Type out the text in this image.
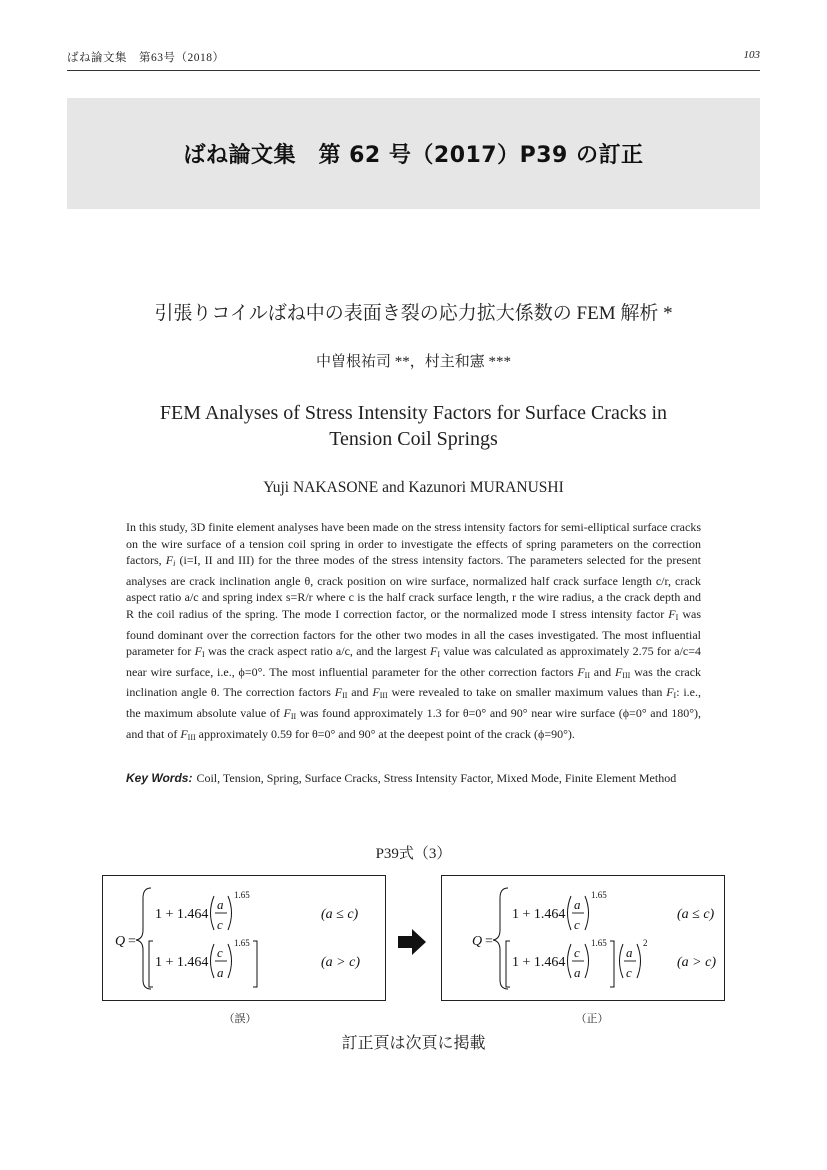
ばね論文集　第63号（2018）	103
ばね論文集　第 62 号（2017）P39 の訂正
引張りコイルばね中の表面き裂の応力拡大係数の FEM 解析 *
中曽根祐司 **，村主和憲 ***
FEM Analyses of Stress Intensity Factors for Surface Cracks in
Tension Coil Springs
Yuji NAKASONE and Kazunori MURANUSHI
In this study, 3D finite element analyses have been made on the stress intensity factors for semi-elliptical surface cracks on the wire surface of a tension coil spring in order to investigate the effects of spring parameters on the correction factors, $F_i$ (i=I, II and III) for the three modes of the stress intensity factors. The parameters selected for the present analyses are crack inclination angle θ, crack position on wire surface, normalized half crack surface length c/r, crack aspect ratio a/c and spring index s=R/r where c is the half crack surface length, r the wire radius, a the crack depth and R the coil radius of the spring. The mode I correction factor, or the normalized mode I stress intensity factor $F_I$ was found dominant over the correction factors for the other two modes in all the cases investigated. The most influential parameter for $F_I$ was the crack aspect ratio a/c, and the largest $F_I$ value was calculated as approximately 2.75 for a/c=4 near wire surface, i.e., ϕ=0°. The most influential parameter for the other correction factors $F_{II}$ and $F_{III}$ was the crack inclination angle θ. The correction factors $F_{II}$ and $F_{III}$ were revealed to take on smaller maximum values than $F_I$: i.e., the maximum absolute value of $F_{II}$ was found approximately 1.3 for θ=0° and 90° near wire surface (ϕ=0° and 180°), and that of $F_{III}$ approximately 0.59 for θ=0° and 90° at the deepest point of the crack (ϕ=90°).
Key Words: Coil, Tension, Spring, Surface Cracks, Stress Intensity Factor, Mixed Mode, Finite Element Method
P39式（3）
Q =
1 + 1.464
a
c
1.65
(a ≤ c)
1 + 1.464
c
a
1.65
(a > c)
Q =
1 + 1.464
a
c
1.65
(a ≤ c)
1 + 1.464
c
a
1.65
a
c
2
(a > c)
（誤）	（正）
訂正頁は次頁に掲載
